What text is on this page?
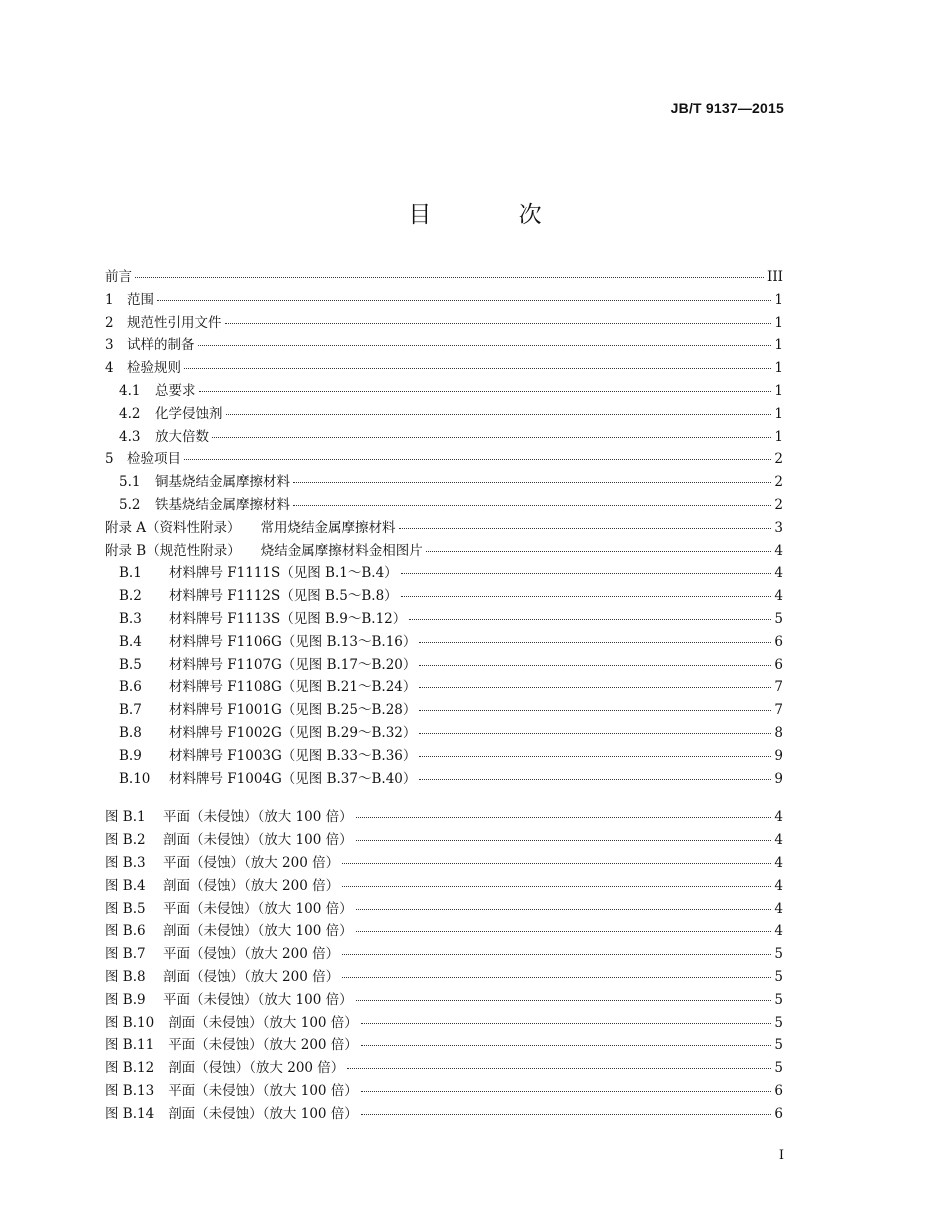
JB/T 9137—2015
目 次
前言	III
1 范围	1
2 规范性引用文件	1
3 试样的制备	1
4 检验规则	1
4.1 总要求	1
4.2 化学侵蚀剂	1
4.3 放大倍数	1
5 检验项目	2
5.1 铜基烧结金属摩擦材料	2
5.2 铁基烧结金属摩擦材料	2
附录 A（资料性附录） 常用烧结金属摩擦材料	3
附录 B（规范性附录） 烧结金属摩擦材料金相图片	4
B.1 材料牌号 F1111S（见图 B.1～B.4）	4
B.2 材料牌号 F1112S（见图 B.5～B.8）	4
B.3 材料牌号 F1113S（见图 B.9～B.12）	5
B.4 材料牌号 F1106G（见图 B.13～B.16）	6
B.5 材料牌号 F1107G（见图 B.17～B.20）	6
B.6 材料牌号 F1108G（见图 B.21～B.24）	7
B.7 材料牌号 F1001G（见图 B.25～B.28）	7
B.8 材料牌号 F1002G（见图 B.29～B.32）	8
B.9 材料牌号 F1003G（见图 B.33～B.36）	9
B.10 材料牌号 F1004G（见图 B.37～B.40）	9
图 B.1 平面（未侵蚀）（放大 100 倍）	4
图 B.2 剖面（未侵蚀）（放大 100 倍）	4
图 B.3 平面（侵蚀）（放大 200 倍）	4
图 B.4 剖面（侵蚀）（放大 200 倍）	4
图 B.5 平面（未侵蚀）（放大 100 倍）	4
图 B.6 剖面（未侵蚀）（放大 100 倍）	4
图 B.7 平面（侵蚀）（放大 200 倍）	5
图 B.8 剖面（侵蚀）（放大 200 倍）	5
图 B.9 平面（未侵蚀）（放大 100 倍）	5
图 B.10 剖面（未侵蚀）（放大 100 倍）	5
图 B.11 平面（未侵蚀）（放大 200 倍）	5
图 B.12 剖面（侵蚀）（放大 200 倍）	5
图 B.13 平面（未侵蚀）（放大 100 倍）	6
图 B.14 剖面（未侵蚀）（放大 100 倍）	6
I
